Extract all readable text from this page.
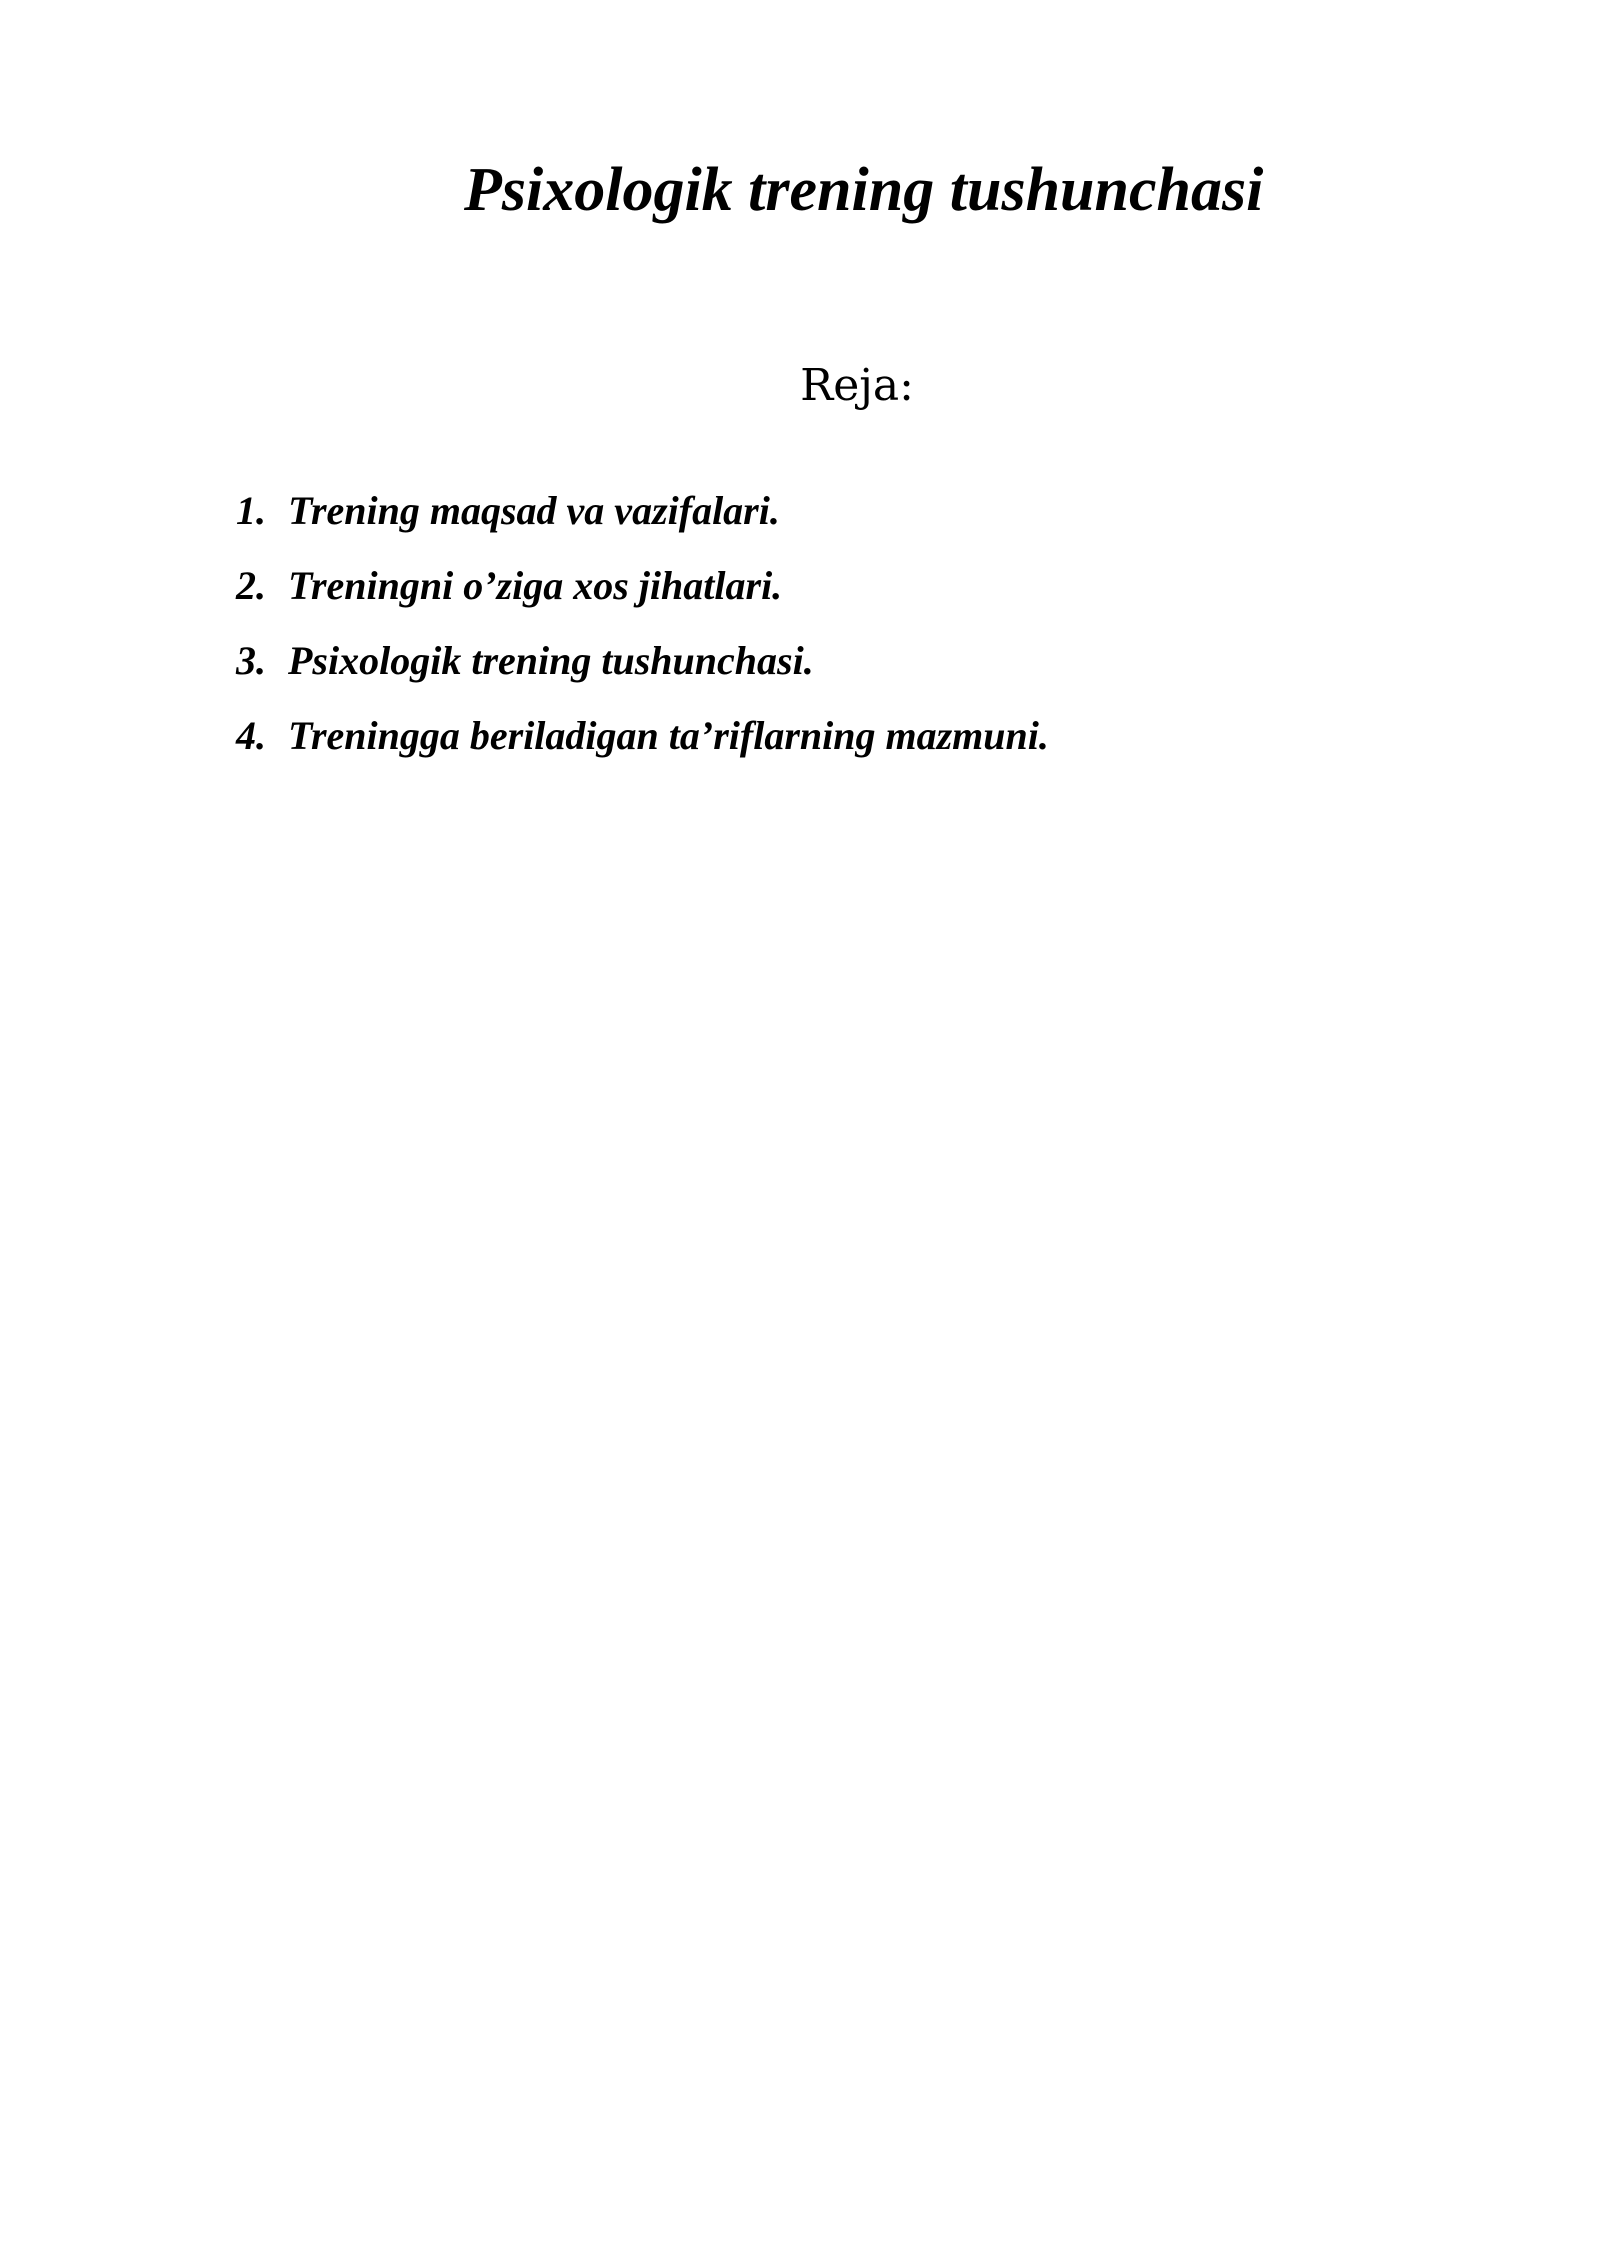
Psixologik trening tushunchasi
Reja:
1. Trening maqsad va vazifalari.
2. Treningni o’ziga xos jihatlari.
3. Psixologik trening tushunchasi.
4. Treningga beriladigan ta’riflarning mazmuni.
